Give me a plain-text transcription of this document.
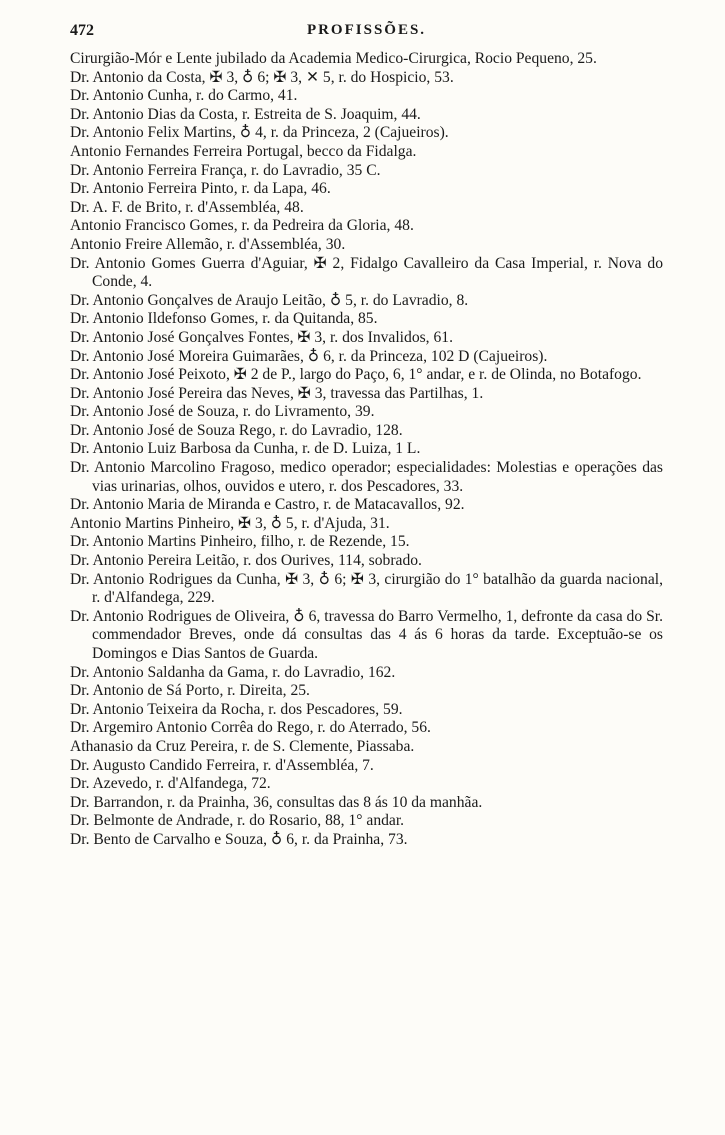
472	PROFISSÕES.

Cirurgião-Mór e Lente jubilado da Academia Medico-Cirurgica, Rocio Pequeno, 25.

Dr. Antonio da Costa, ✠ 3, ♁ 6; ✠ 3, ✕ 5, r. do Hospicio, 53.

Dr. Antonio Cunha, r. do Carmo, 41.

Dr. Antonio Dias da Costa, r. Estreita de S. Joaquim, 44.

Dr. Antonio Felix Martins, ♁ 4, r. da Princeza, 2 (Cajueiros).

Antonio Fernandes Ferreira Portugal, becco da Fidalga.

Dr. Antonio Ferreira França, r. do Lavradio, 35 C.

Dr. Antonio Ferreira Pinto, r. da Lapa, 46.

Dr. A. F. de Brito, r. d'Assembléa, 48.

Antonio Francisco Gomes, r. da Pedreira da Gloria, 48.

Antonio Freire Allemão, r. d'Assembléa, 30.

Dr. Antonio Gomes Guerra d'Aguiar, ✠ 2, Fidalgo Cavalleiro da Casa Imperial, r. Nova do Conde, 4.

Dr. Antonio Gonçalves de Araujo Leitão, ♁ 5, r. do Lavradio, 8.

Dr. Antonio Ildefonso Gomes, r. da Quitanda, 85.

Dr. Antonio José Gonçalves Fontes, ✠ 3, r. dos Invalidos, 61.

Dr. Antonio José Moreira Guimarães, ♁ 6, r. da Princeza, 102 D (Cajueiros).

Dr. Antonio José Peixoto, ✠ 2 de P., largo do Paço, 6, 1° andar, e r. de Olinda, no Botafogo.

Dr. Antonio José Pereira das Neves, ✠ 3, travessa das Partilhas, 1.

Dr. Antonio José de Souza, r. do Livramento, 39.

Dr. Antonio José de Souza Rego, r. do Lavradio, 128.

Dr. Antonio Luiz Barbosa da Cunha, r. de D. Luiza, 1 L.

Dr. Antonio Marcolino Fragoso, medico operador; especialidades: Molestias e operações das vias urinarias, olhos, ouvidos e utero, r. dos Pescadores, 33.

Dr. Antonio Maria de Miranda e Castro, r. de Matacavallos, 92.

Antonio Martins Pinheiro, ✠ 3, ♁ 5, r. d'Ajuda, 31.

Dr. Antonio Martins Pinheiro, filho, r. de Rezende, 15.

Dr. Antonio Pereira Leitão, r. dos Ourives, 114, sobrado.

Dr. Antonio Rodrigues da Cunha, ✠ 3, ♁ 6; ✠ 3, cirurgião do 1° batalhão da guarda nacional, r. d'Alfandega, 229.

Dr. Antonio Rodrigues de Oliveira, ♁ 6, travessa do Barro Vermelho, 1, defronte da casa do Sr. commendador Breves, onde dá consultas das 4 ás 6 horas da tarde. Exceptuão-se os Domingos e Dias Santos de Guarda.

Dr. Antonio Saldanha da Gama, r. do Lavradio, 162.

Dr. Antonio de Sá Porto, r. Direita, 25.

Dr. Antonio Teixeira da Rocha, r. dos Pescadores, 59.

Dr. Argemiro Antonio Corrêa do Rego, r. do Aterrado, 56.

Athanasio da Cruz Pereira, r. de S. Clemente, Piassaba.

Dr. Augusto Candido Ferreira, r. d'Assembléa, 7.

Dr. Azevedo, r. d'Alfandega, 72.

Dr. Barrandon, r. da Prainha, 36, consultas das 8 ás 10 da manhãa.

Dr. Belmonte de Andrade, r. do Rosario, 88, 1° andar.

Dr. Bento de Carvalho e Souza, ♁ 6, r. da Prainha, 73.
